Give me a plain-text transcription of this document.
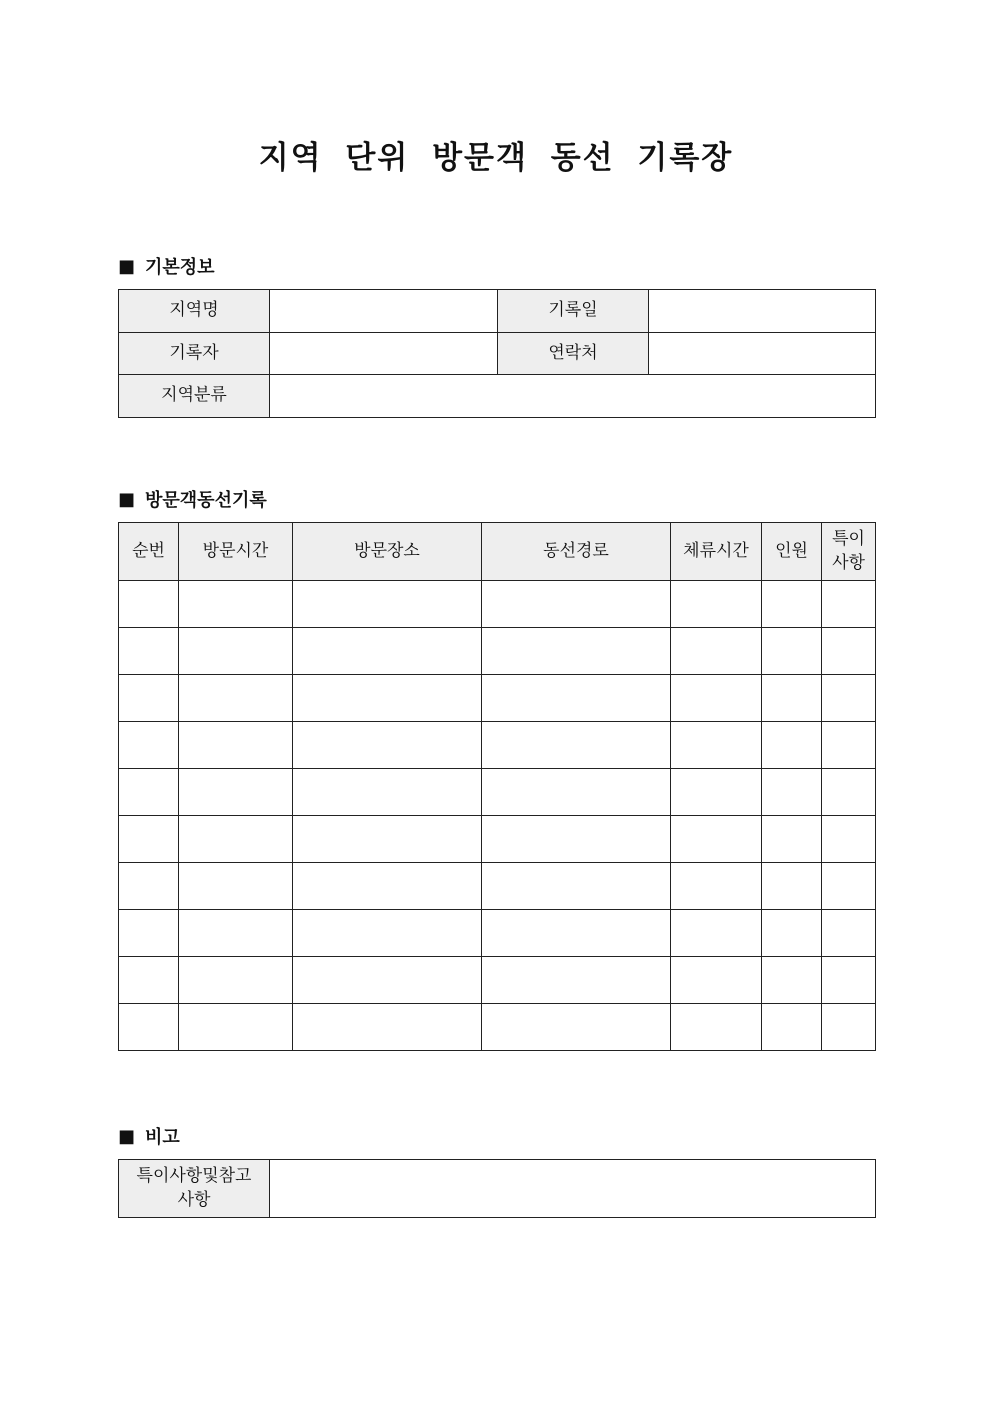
지역 단위 방문객 동선 기록장
■ 기본정보
지역명		기록일	
기록자		연락처	
지역분류			
■ 방문객동선기록
순번	방문시간	방문장소	동선경로	체류시간	인원	특이
사항

■ 비고
특이사항및참고
사항
